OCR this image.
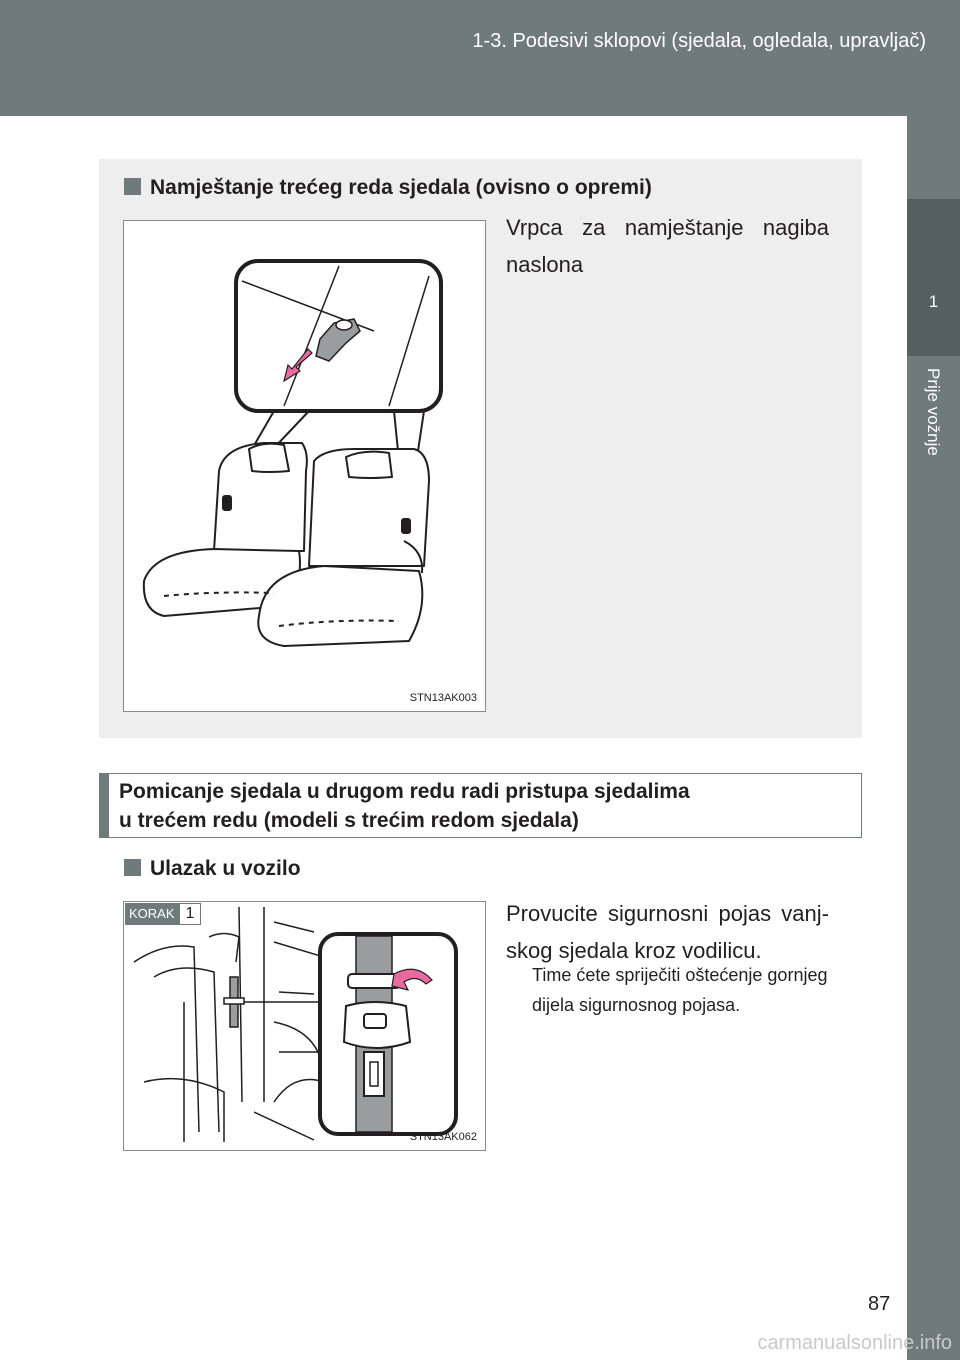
1-3. Podesivi sklopovi (sjedala, ogledala, upravljač)
1
Prije vožnje
Namještanje trećeg reda sjedala (ovisno o opremi)
Vrpca za namještanje nagiba naslona
STN13AK003
Pomicanje sjedala u drugom redu radi pristupa sjedalima
u trećem redu (modeli s trećim redom sjedala)
Ulazak u vozilo
Provucite sigurnosni pojas vanjskog sjedala kroz vodilicu.
Time ćete spriječiti oštećenje gornjeg dijela sigurnosnog pojasa.
KORAK 1
STN13AK062
87
carmanualsonline.info
